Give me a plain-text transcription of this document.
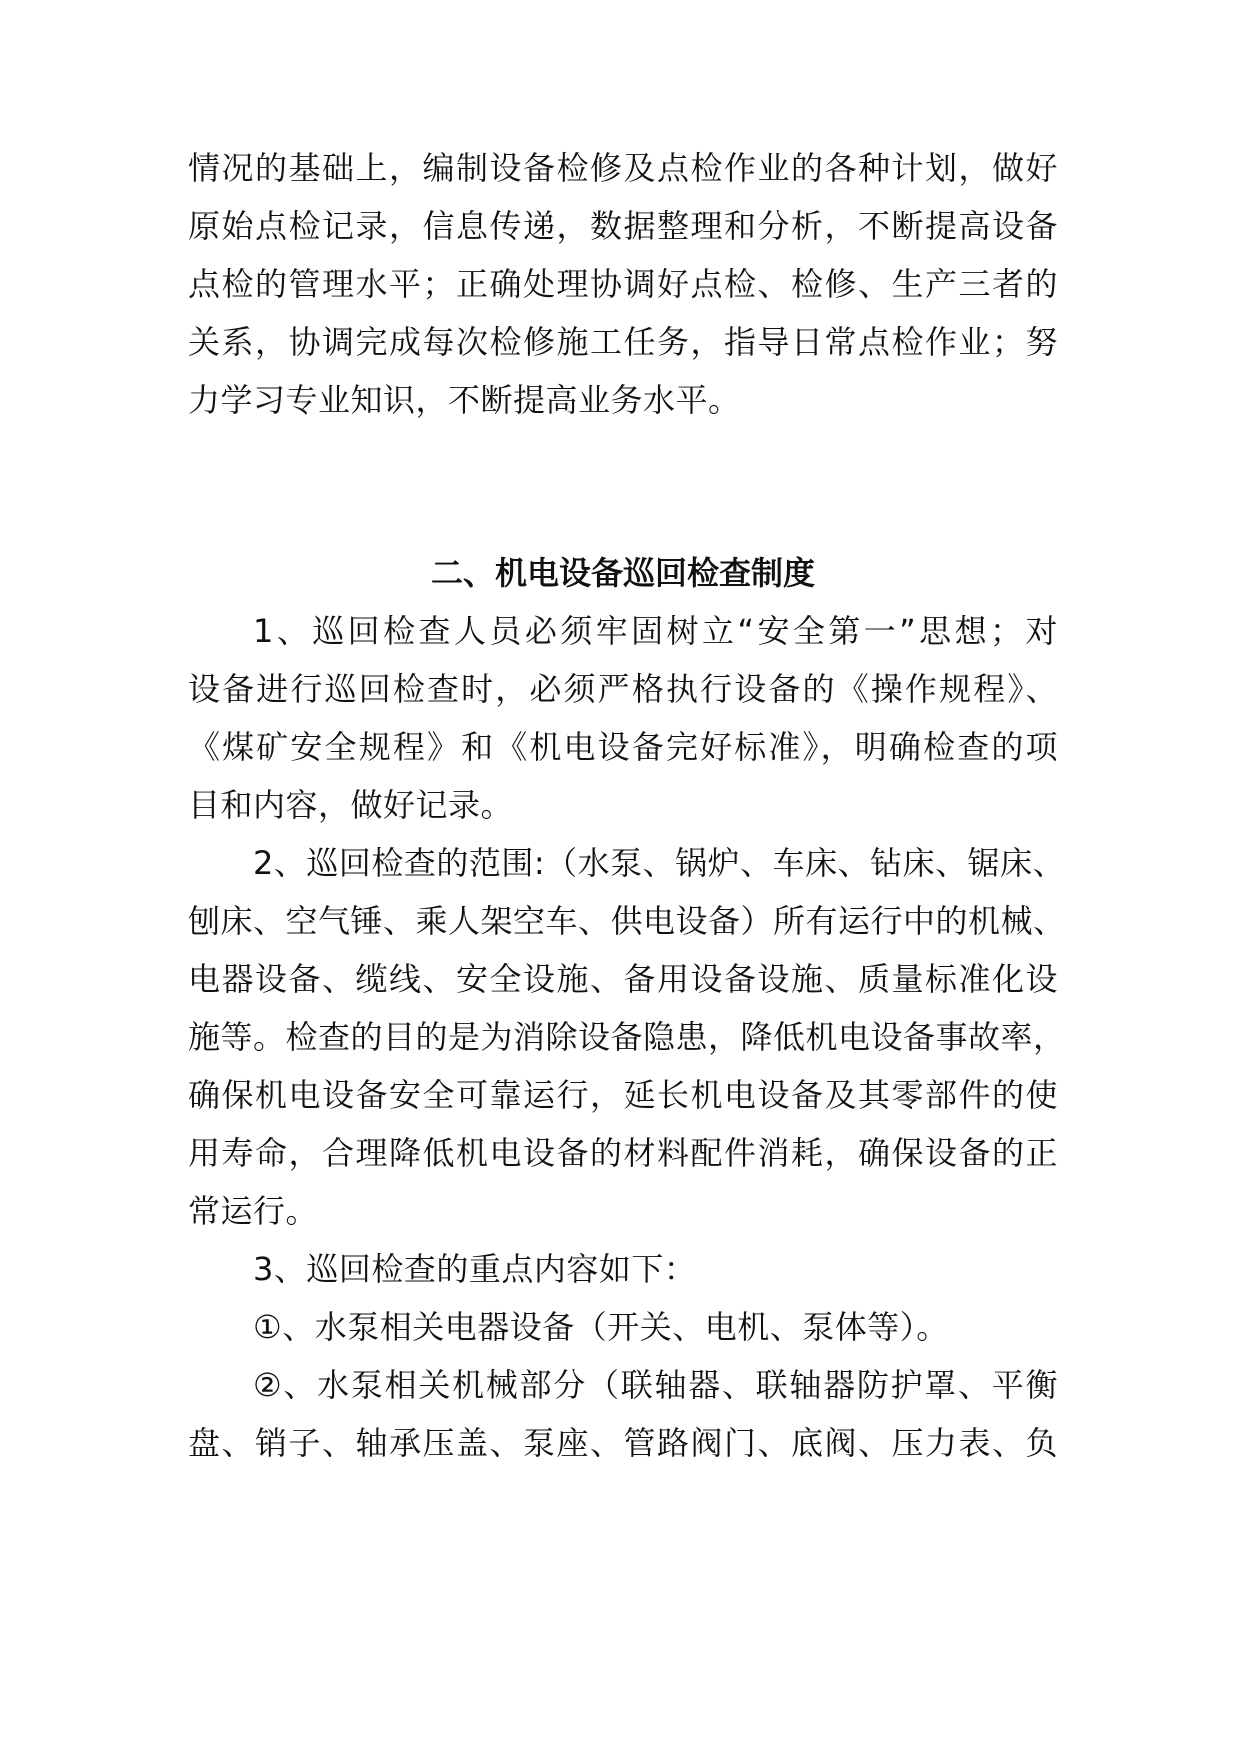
情况的基础上，编制设备检修及点检作业的各种计划，做好
原始点检记录，信息传递，数据整理和分析，不断提高设备
点检的管理水平；正确处理协调好点检、检修、生产三者的
关系，协调完成每次检修施工任务，指导日常点检作业；努
力学习专业知识，不断提高业务水平。
二、机电设备巡回检查制度
1、巡回检查人员必须牢固树立“安全第一”思想；对
设备进行巡回检查时，必须严格执行设备的《操作规程》、
《煤矿安全规程》和《机电设备完好标准》，明确检查的项
目和内容，做好记录。
2、巡回检查的范围:（水泵、锅炉、车床、钻床、锯床、
刨床、空气锤、乘人架空车、供电设备）所有运行中的机械、
电器设备、缆线、安全设施、备用设备设施、质量标准化设
施等。检查的目的是为消除设备隐患，降低机电设备事故率，
确保机电设备安全可靠运行，延长机电设备及其零部件的使
用寿命，合理降低机电设备的材料配件消耗，确保设备的正
常运行。
3、巡回检查的重点内容如下：
①、水泵相关电器设备（开关、电机、泵体等）。
②、水泵相关机械部分（联轴器、联轴器防护罩、平衡
盘、销子、轴承压盖、泵座、管路阀门、底阀、压力表、负
